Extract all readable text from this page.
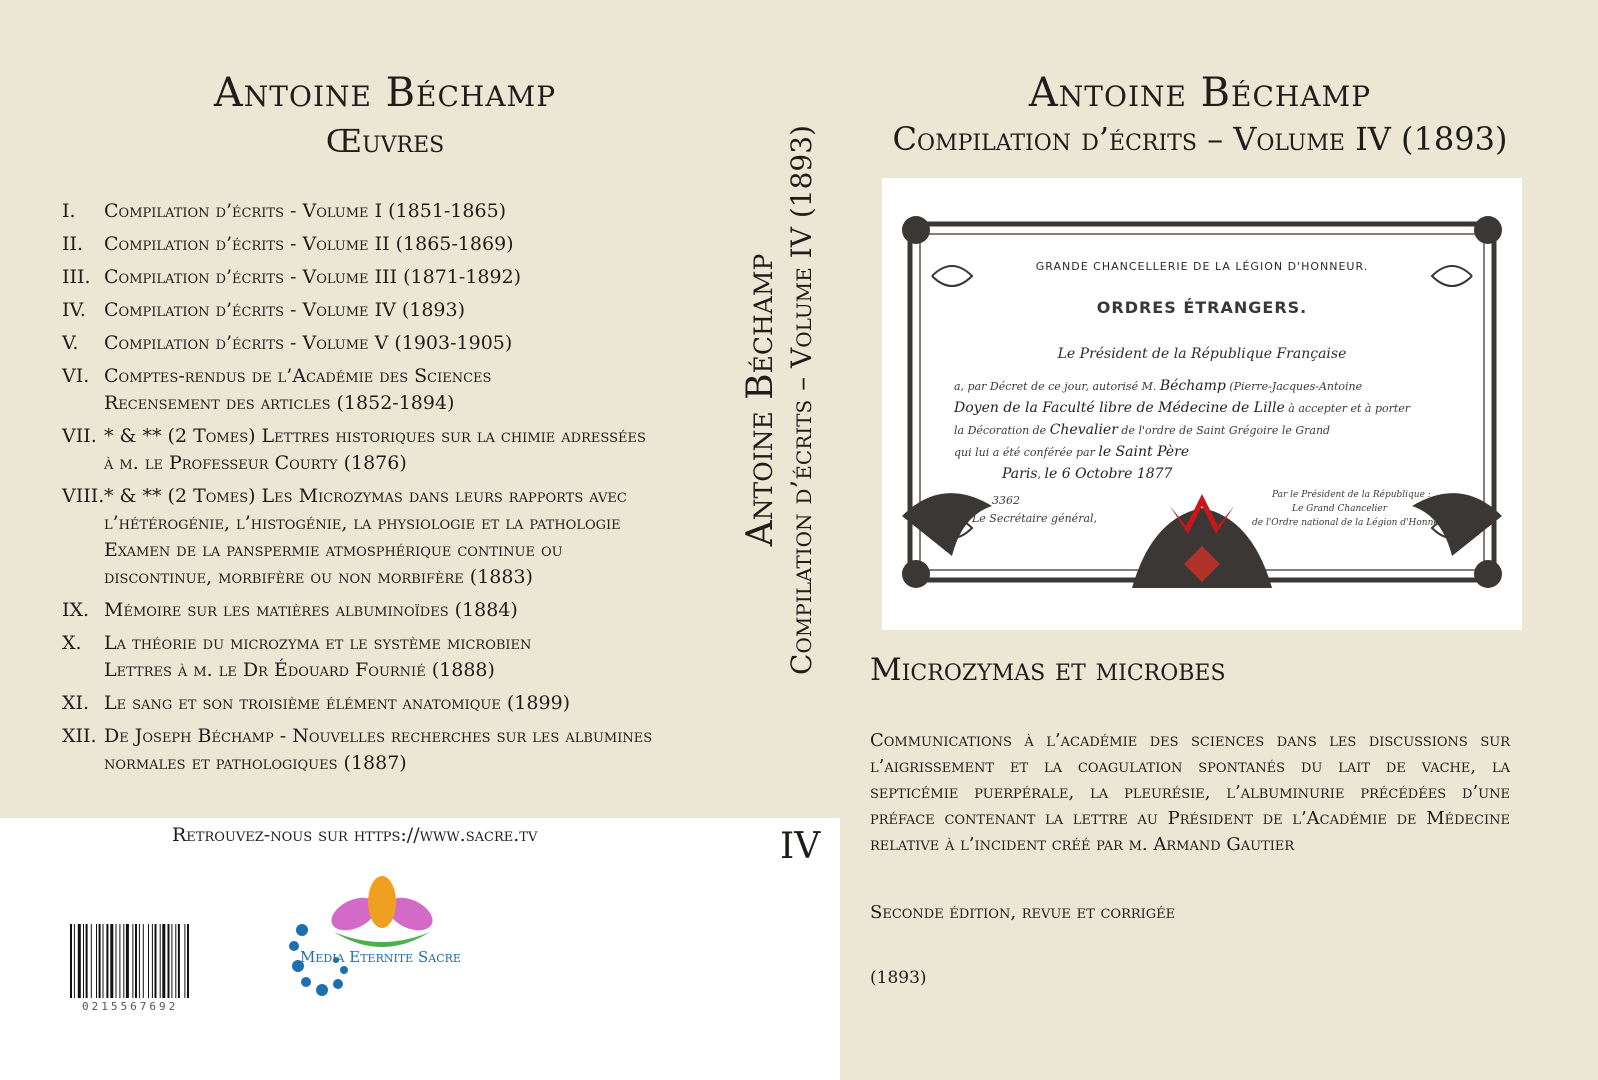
Antoine Béchamp
Œuvres
I.	Compilation d’écrits - Volume I (1851-1865)
II.	Compilation d’écrits - Volume II (1865-1869)
III. Compilation d’écrits - Volume III (1871-1892)
IV. Compilation d’écrits - Volume IV (1893)
V.	Compilation d’écrits - Volume V (1903-1905)
VI. Comptes-rendus de l’Académie des Sciences
Recensement des articles (1852-1894)
VII. * & ** (2 Tomes) Lettres historiques sur la chimie adressées
à m. le Professeur Courty (1876)
VIII. * & ** (2 Tomes) Les Microzymas dans leurs rapports avec
l’hétérogénie, l’histogénie, la physiologie et la pathologie
Examen de la panspermie atmosphérique continue ou
discontinue, morbifère ou non morbifère (1883)
IX. Mémoire sur les matières albuminoïdes (1884)
X.	La théorie du microzyma et le système microbien
Lettres à m. le Dr Édouard Fournié (1888)
XI. Le sang et son troisième élément anatomique (1899)
XII. De Joseph Béchamp - Nouvelles recherches sur les albumines
normales et pathologiques (1887)
Retrouvez-nous sur https://www.sacre.tv	IV
0215567692
Media Eternite Sacre
Antoine Béchamp Compilation d’écrits – Volume IV (1893)
Antoine Béchamp
Compilation d’écrits – Volume IV (1893)
GRANDE CHANCELLERIE DE LA LÉGION D'HONNEUR.
ORDRES ÉTRANGERS.
Le Président de la République Française
a, par Décret de ce jour, autorisé M. Béchamp (Pierre-Jacques-Antoine
Doyen de la Faculté libre de Médecine de Lille à accepter et à porter
la Décoration de Chevalier de l'ordre de Saint Grégoire le Grand
qui lui a été conférée par le Saint Père
Paris, le 6 Octobre 1877
3362
Le Secrétaire général,
Par le Président de la République :
Le Grand Chancelier
de l'Ordre national de la Légion d'Honneur.
Microzymas et microbes
Communications à l’académie des sciences dans les discussions sur l’aigrissement et la coagulation spontanés du lait de vache, la septicémie puerpérale, la pleurésie, l’albuminurie précédées d’une préface contenant la lettre au Président de l’Académie de Médecine relative à l’incident créé par m. Armand Gautier
Seconde édition, revue et corrigée
(1893)
